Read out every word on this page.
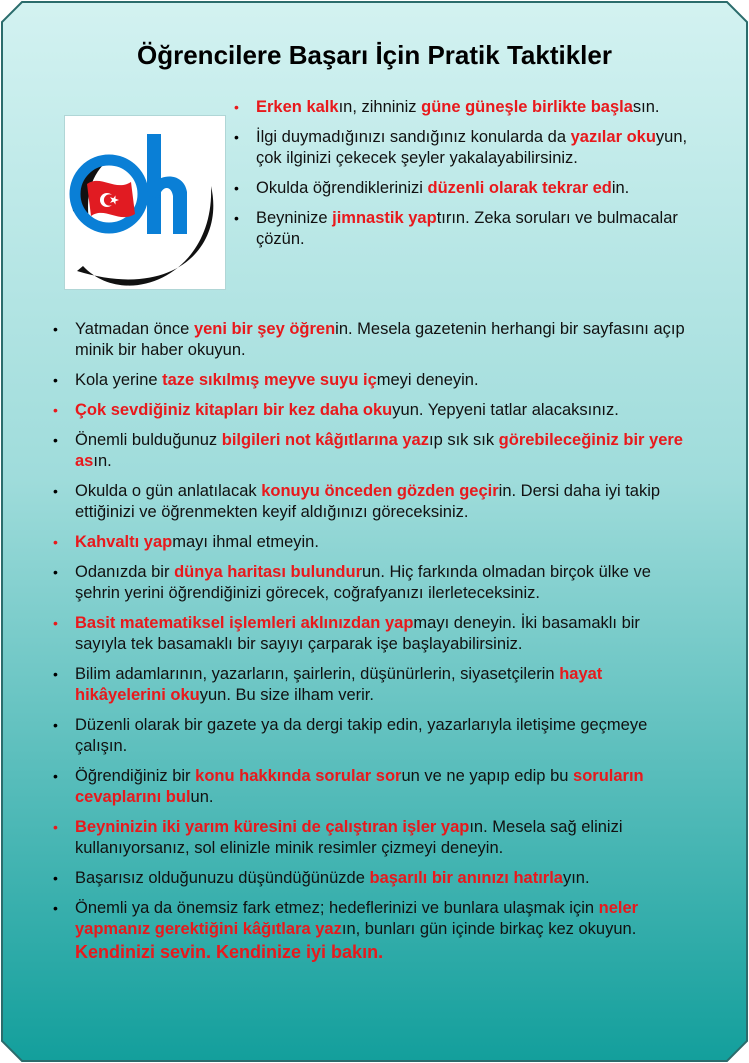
Öğrencilere Başarı İçin Pratik Taktikler
• Erken kalkın, zihniniz güne güneşle birlikte başlasın.
• İlgi duymadığınızı sandığınız konularda da yazılar okuyun, çok ilginizi çekecek şeyler yakalayabilirsiniz.
• Okulda öğrendiklerinizi düzenli olarak tekrar edin.
• Beyninize jimnastik yaptırın. Zeka soruları ve bulmacalar çözün.
• Yatmadan önce yeni bir şey öğrenin. Mesela gazetenin herhangi bir sayfasını açıp minik bir haber okuyun.
• Kola yerine taze sıkılmış meyve suyu içmeyi deneyin.
• Çok sevdiğiniz kitapları bir kez daha okuyun. Yepyeni tatlar alacaksınız.
• Önemli bulduğunuz bilgileri not kâğıtlarına yazıp sık sık görebileceğiniz bir yere asın.
• Okulda o gün anlatılacak konuyu önceden gözden geçirin. Dersi daha iyi takip ettiğinizi ve öğrenmekten keyif aldığınızı göreceksiniz.
• Kahvaltı yapmayı ihmal etmeyin.
• Odanızda bir dünya haritası bulundurun. Hiç farkında olmadan birçok ülke ve şehrin yerini öğrendiğinizi görecek, coğrafyanızı ilerleteceksiniz.
• Basit matematiksel işlemleri aklınızdan yapmayı deneyin. İki basamaklı bir sayıyla tek basamaklı bir sayıyı çarparak işe başlayabilirsiniz.
• Bilim adamlarının, yazarların, şairlerin, düşünürlerin, siyasetçilerin hayat hikâyelerini okuyun. Bu size ilham verir.
• Düzenli olarak bir gazete ya da dergi takip edin, yazarlarıyla iletişime geçmeye çalışın.
• Öğrendiğiniz bir konu hakkında sorular sorun ve ne yapıp edip bu soruların cevaplarını bulun.
• Beyninizin iki yarım küresini de çalıştıran işler yapın. Mesela sağ elinizi kullanıyorsanız, sol elinizle minik resimler çizmeyi deneyin.
• Başarısız olduğunuzu düşündüğünüzde başarılı bir anınızı hatırlayın.
• Önemli ya da önemsiz fark etmez; hedeflerinizi ve bunlara ulaşmak için neler yapmanız gerektiğini kâğıtlara yazın, bunları gün içinde birkaç kez okuyun.
Kendinizi sevin. Kendinize iyi bakın.
